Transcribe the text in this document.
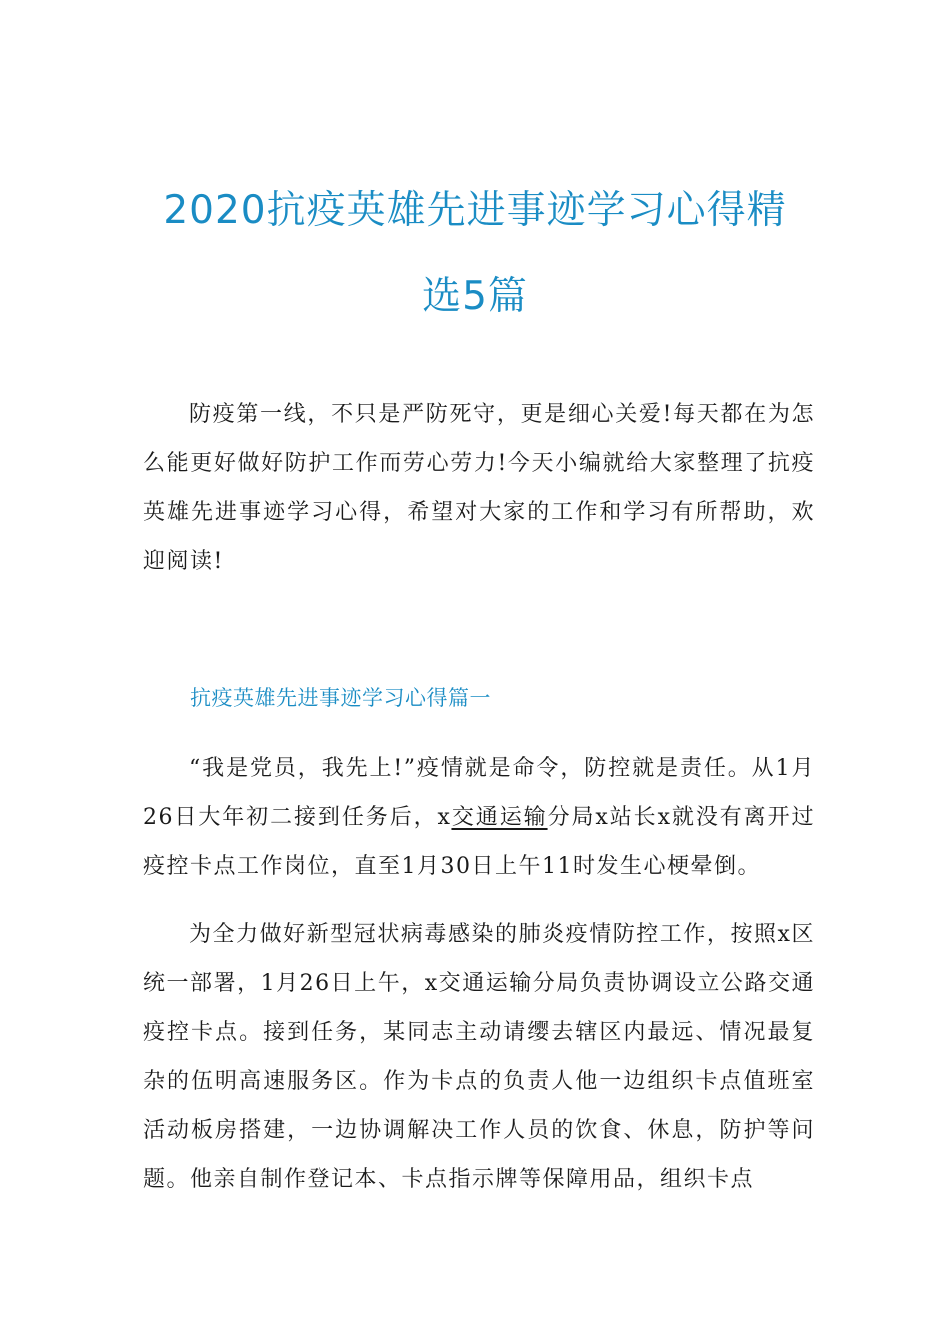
2020抗疫英雄先进事迹学习心得精
选5篇

防疫第一线，不只是严防死守，更是细心关爱!每天都在为怎么能更好做好防护工作而劳心劳力!今天小编就给大家整理了抗疫英雄先进事迹学习心得，希望对大家的工作和学习有所帮助，欢迎阅读!

抗疫英雄先进事迹学习心得篇一

“我是党员，我先上!”疫情就是命令，防控就是责任。从1月26日大年初二接到任务后，x交通运输分局x站长x就没有离开过疫控卡点工作岗位，直至1月30日上午11时发生心梗晕倒。

为全力做好新型冠状病毒感染的肺炎疫情防控工作，按照x区统一部署，1月26日上午，x交通运输分局负责协调设立公路交通疫控卡点。接到任务，某同志主动请缨去辖区内最远、情况最复杂的伍明高速服务区。作为卡点的负责人他一边组织卡点值班室活动板房搭建，一边协调解决工作人员的饮食、休息，防护等问题。他亲自制作登记本、卡点指示牌等保障用品，组织卡点
